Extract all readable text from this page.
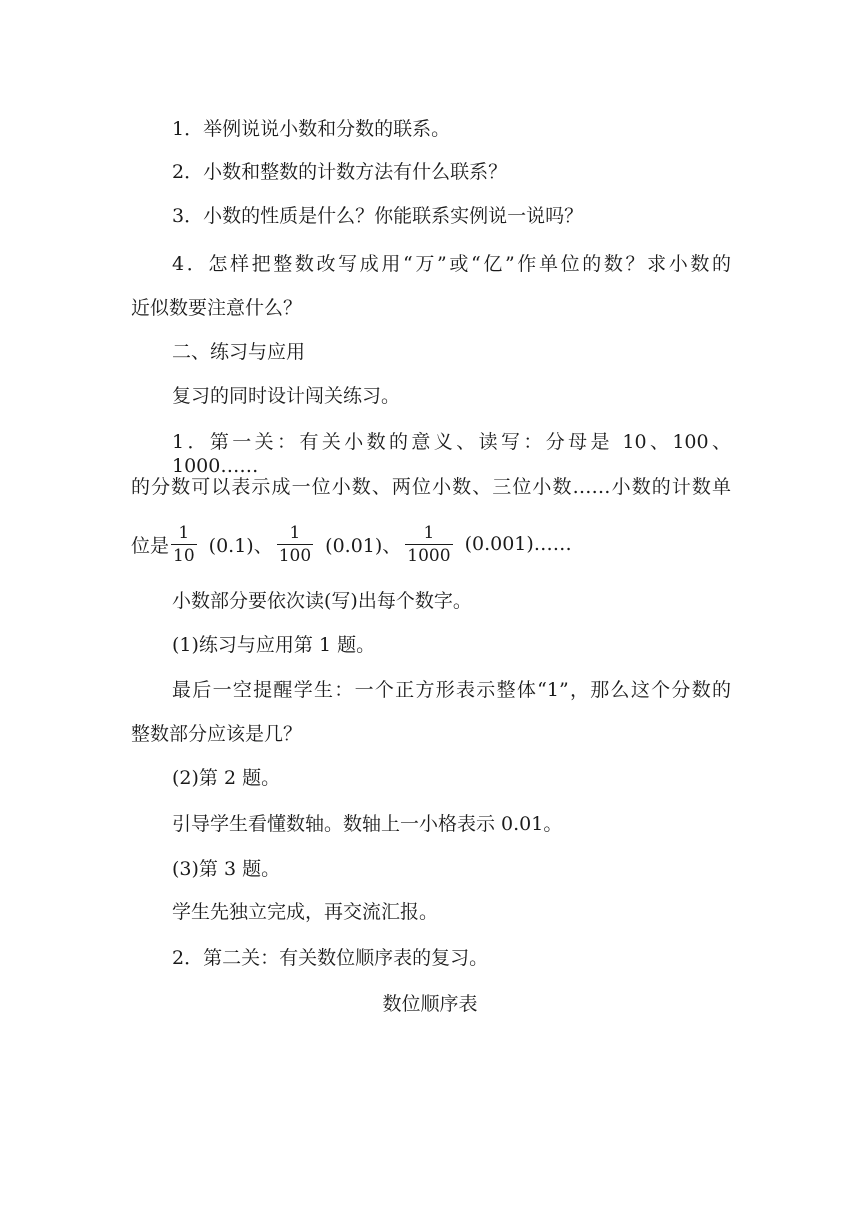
1．举例说说小数和分数的联系。
2．小数和整数的计数方法有什么联系？
3．小数的性质是什么？你能联系实例说一说吗？
4．怎样把整数改写成用“万”或“亿”作单位的数？求小数的
近似数要注意什么？
二、练习与应用
复习的同时设计闯关练习。
1．第一关：有关小数的意义、读写：分母是 10、100、1000……
的分数可以表示成一位小数、两位小数、三位小数……小数的计数单
位是 $\frac{1}{10} (0.1)$、 $\frac{1}{100} (0.01)$、 $\frac{1}{1000}$ (0.001)……
小数部分要依次读(写)出每个数字。
(1)练习与应用第 1 题。
最后一空提醒学生：一个正方形表示整体“1”，那么这个分数的
整数部分应该是几？
(2)第 2 题。
引导学生看懂数轴。数轴上一小格表示 0.01。
(3)第 3 题。
学生先独立完成，再交流汇报。
2．第二关：有关数位顺序表的复习。
数位顺序表
